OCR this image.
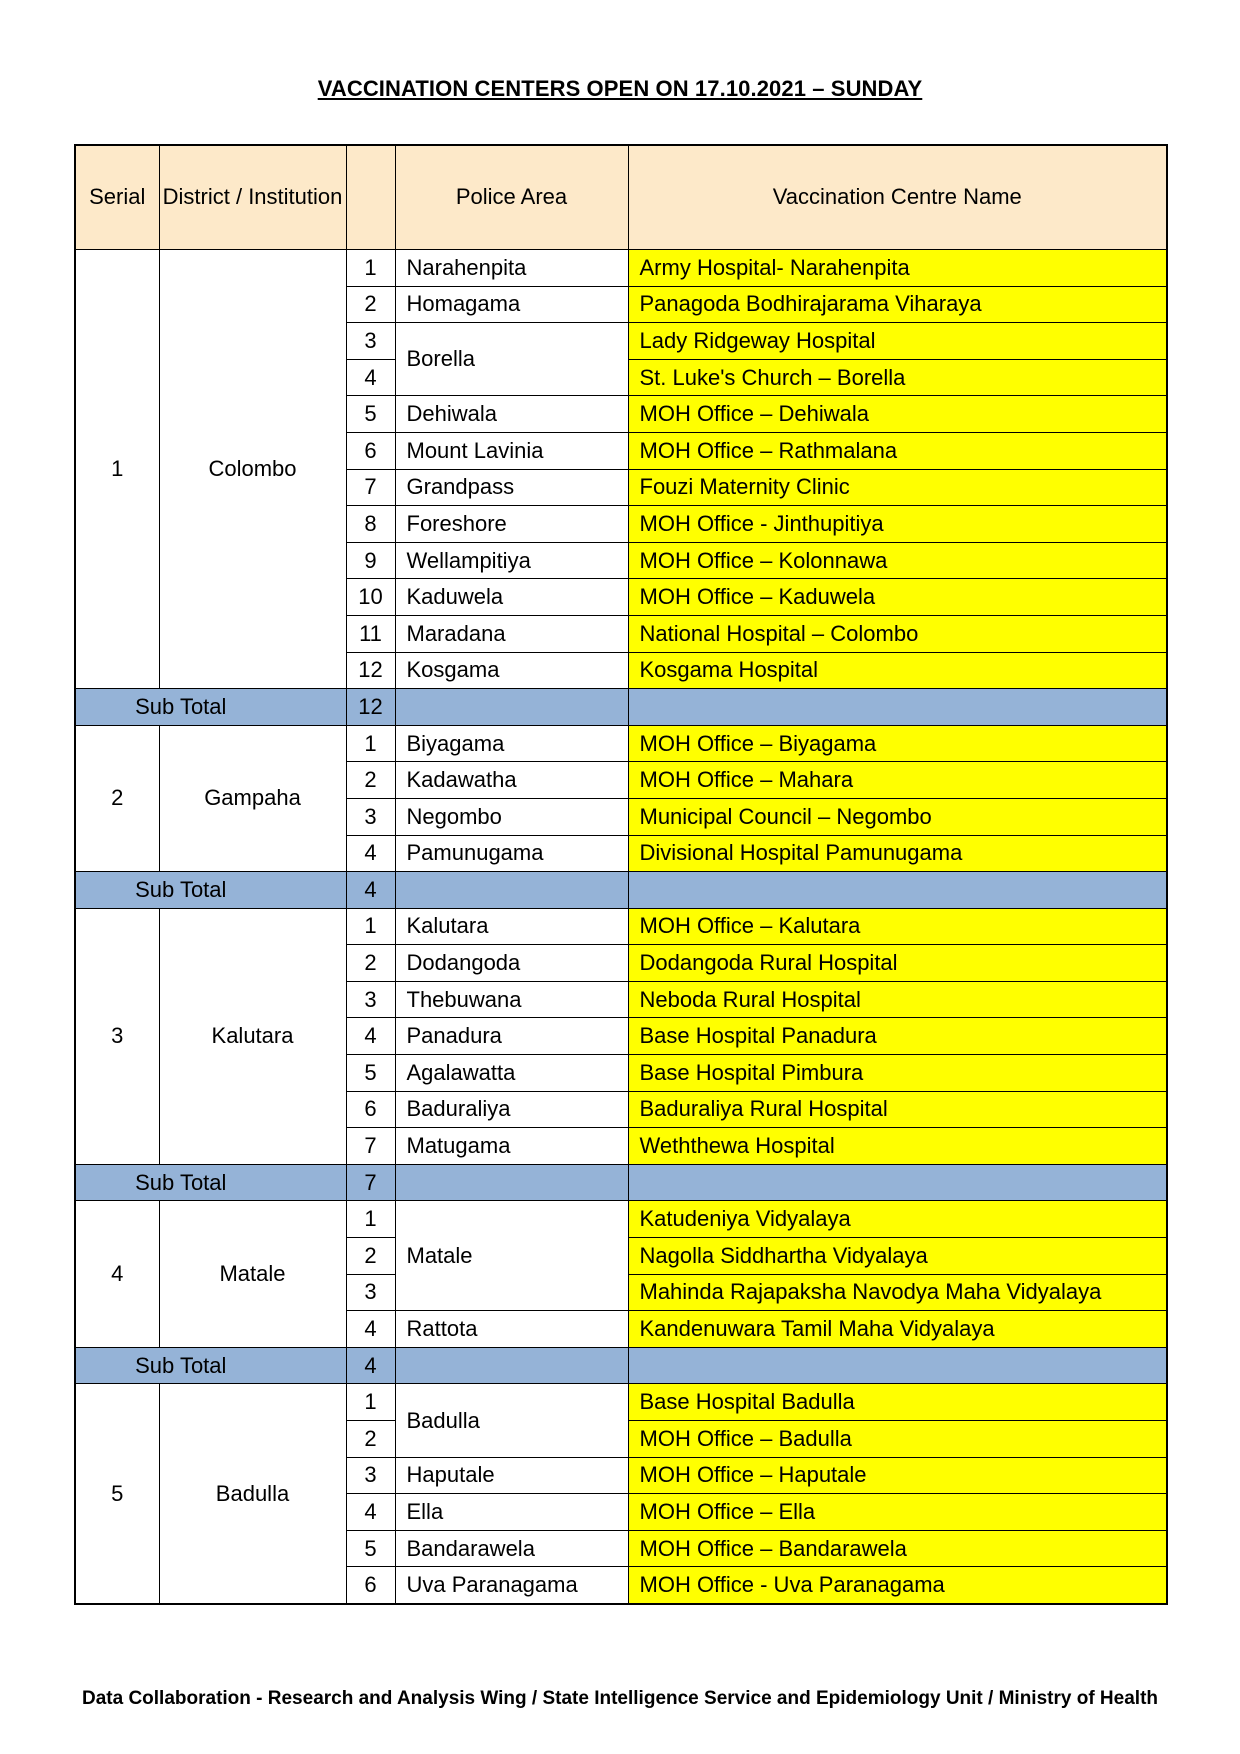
VACCINATION CENTERS OPEN ON 17.10.2021 – SUNDAY
Serial	District / Institution		Police Area	Vaccination Centre Name
1	Colombo	1	Narahenpita	Army Hospital- Narahenpita
		2	Homagama	Panagoda Bodhirajarama Viharaya
		3	Borella	Lady Ridgeway Hospital
		4		St. Luke's Church – Borella
		5	Dehiwala	MOH Office – Dehiwala
		6	Mount Lavinia	MOH Office – Rathmalana
		7	Grandpass	Fouzi Maternity Clinic
		8	Foreshore	MOH Office - Jinthupitiya
		9	Wellampitiya	MOH Office – Kolonnawa
		10	Kaduwela	MOH Office – Kaduwela
		11	Maradana	National Hospital – Colombo
		12	Kosgama	Kosgama Hospital
Sub Total		12		
2	Gampaha	1	Biyagama	MOH Office – Biyagama
		2	Kadawatha	MOH Office – Mahara
		3	Negombo	Municipal Council – Negombo
		4	Pamunugama	Divisional Hospital Pamunugama
Sub Total		4		
3	Kalutara	1	Kalutara	MOH Office – Kalutara
		2	Dodangoda	Dodangoda Rural Hospital
		3	Thebuwana	Neboda Rural Hospital
		4	Panadura	Base Hospital Panadura
		5	Agalawatta	Base Hospital Pimbura
		6	Baduraliya	Baduraliya Rural Hospital
		7	Matugama	Weththewa Hospital
Sub Total		7		
4	Matale	1	Matale	Katudeniya Vidyalaya
		2		Nagolla Siddhartha Vidyalaya
		3		Mahinda Rajapaksha Navodya Maha Vidyalaya
		4	Rattota	Kandenuwara Tamil Maha Vidyalaya
Sub Total		4		
5	Badulla	1	Badulla	Base Hospital Badulla
		2		MOH Office – Badulla
		3	Haputale	MOH Office – Haputale
		4	Ella	MOH Office – Ella
		5	Bandarawela	MOH Office – Bandarawela
		6	Uva Paranagama	MOH Office - Uva Paranagama
Data Collaboration - Research and Analysis Wing / State Intelligence Service and Epidemiology Unit / Ministry of Health
